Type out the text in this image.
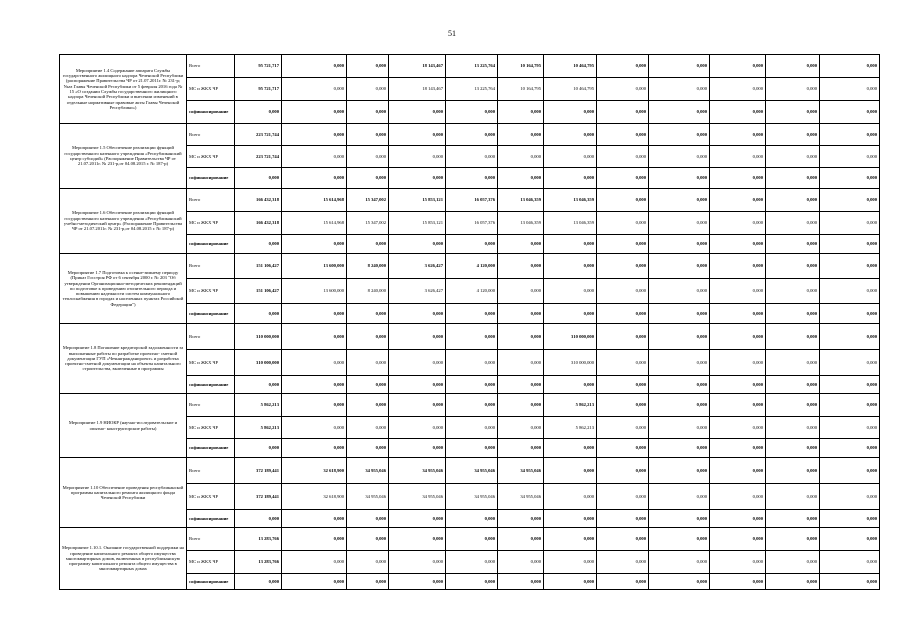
51
Мероприятие 1.4 Содержание аппарата Службы государственного жилищного надзора Чеченской Республики (распоряжение Правительства ЧР от 21.07.2011г. № 231-р; Указ Главы Чеченской Республики от 5 февраля 2016 года № 15 «О создании Службы государственного жилищного надзора Чеченской Республики и внесении изменений в отдельные нормативные правовые акты Главы Чеченской Республики»)	Всего	95 721,717	0,000	0,000	18 143,467	13 225,764	10 164,795	10 464,795	0,000	0,000	0,000	0,000	0,000
	МС и ЖКХ ЧР	95 721,717	0,000	0,000	18 143,467	13 225,764	10 164,795	10 464,795	0,000	0,000	0,000	0,000	0,000
	софинансирование	0,000	0,000	0,000	0,000	0,000	0,000	0,000	0,000	0,000	0,000	0,000	0,000
Мероприятие 1.5 Обеспечение реализации функций государственного казенного учреждения «Республиканский центр субсидий» (Распоряжение Правительства ЧР от 21.07.2011г. № 231-р,от 04.08.2015 г. № 187-р)	Всего	223 721,744	0,000	0,000	0,000	0,000	0,000	0,000	0,000	0,000	0,000	0,000	0,000
	МС и ЖКХ ЧР	223 721,744	0,000	0,000	0,000	0,000	0,000	0,000	0,000	0,000	0,000	0,000	0,000
	софинансирование	0,000	0,000	0,000	0,000	0,000	0,000	0,000	0,000	0,000	0,000	0,000	0,000
Мероприятие 1.6 Обеспечение реализации функций государственного казенного учреждения «Республиканский учебно-методический центр» (Распоряжение Правительства ЧР от 21.07.2011г. № 231-р,от 04.08.2015 г. № 187-р)	Всего	166 432,318	15 614,968	15 347,002	15 853,121	16 057,376	13 046,359	13 046,359	0,000	0,000	0,000	0,000	0,000
	МС и ЖКХ ЧР	166 432,318	15 614,968	15 347,002	15 853,121	16 057,376	13 046,359	13 046,359	0,000	0,000	0,000	0,000	0,000
	софинансирование	0,000	0,000	0,000	0,000	0,000	0,000	0,000	0,000	0,000	0,000	0,000	0,000
Мероприятие 1.7 Подготовка к осенне-зимнему периоду (Приказ Госстроя РФ от 6 сентября 2000 г. № 203 "Об утверждении Организационно-методических рекомендаций по подготовке к проведению отопительного периода и повышению надежности систем коммунального теплоснабжения в городах и населенных пунктах Российской Федерации")	Всего	151 106,427	13 600,000	8 240,000	3 626,427	4 120,000	0,000	0,000	0,000	0,000	0,000	0,000	0,000
	МС и ЖКХ ЧР	151 106,427	13 600,000	8 240,000	3 626,427	4 120,000	0,000	0,000	0,000	0,000	0,000	0,000	0,000
	софинансирование	0,000	0,000	0,000	0,000	0,000	0,000	0,000	0,000	0,000	0,000	0,000	0,000
Мероприятие 1.8 Погашение кредиторской задолженности за выполненные работы по разработке проектно- сметной документации ГУП «Чечнягражданпроект» и разработка проектно-сметной документации на объекты капитального строительства, включенные в программы	Всего	310 000,000	0,000	0,000	0,000	0,000	0,000	310 000,000	0,000	0,000	0,000	0,000	0,000
	МС и ЖКХ ЧР	310 000,000	0,000	0,000	0,000	0,000	0,000	310 000,000	0,000	0,000	0,000	0,000	0,000
	софинансирование	0,000	0,000	0,000	0,000	0,000	0,000	0,000	0,000	0,000	0,000	0,000	0,000
Мероприятие 1.9 НИОКР (научно-исследовательские и опытно- конструкторские работы)	Всего	5 862,213	0,000	0,000	0,000	0,000	0,000	5 862,213	0,000	0,000	0,000	0,000	0,000
	МС и ЖКХ ЧР	5 862,213	0,000	0,000	0,000	0,000	0,000	5 862,213	0,000	0,000	0,000	0,000	0,000
	софинансирование	0,000	0,000	0,000	0,000	0,000	0,000	0,000	0,000	0,000	0,000	0,000	0,000
Мероприятие 1.10 Обеспечение проведения республиканской программы капитального ремонта жилищного фонда Чеченской Республики	Всего	372 189,441	32 618,900	34 955,046	34 955,046	34 955,046	34 955,046	0,000	0,000	0,000	0,000	0,000	0,000
	МС и ЖКХ ЧР	372 189,441	32 618,900	34 955,046	34 955,046	34 955,046	34 955,046	0,000	0,000	0,000	0,000	0,000	0,000
	софинансирование	0,000	0,000	0,000	0,000	0,000	0,000	0,000	0,000	0,000	0,000	0,000	0,000
Мероприятие 1.10.1. Оказание государственной поддержки на проведение капитального ремонта общего имущества многоквартирных домов, включенных в республиканскую программу капитального ремонта общего имущества в многоквартирных домах	Всего	13 283,766	0,000	0,000	0,000	0,000	0,000	0,000	0,000	0,000	0,000	0,000	0,000
	МС и ЖКХ ЧР	13 283,766	0,000	0,000	0,000	0,000	0,000	0,000	0,000	0,000	0,000	0,000	0,000
	софинансирование	0,000	0,000	0,000	0,000	0,000	0,000	0,000	0,000	0,000	0,000	0,000	0,000
